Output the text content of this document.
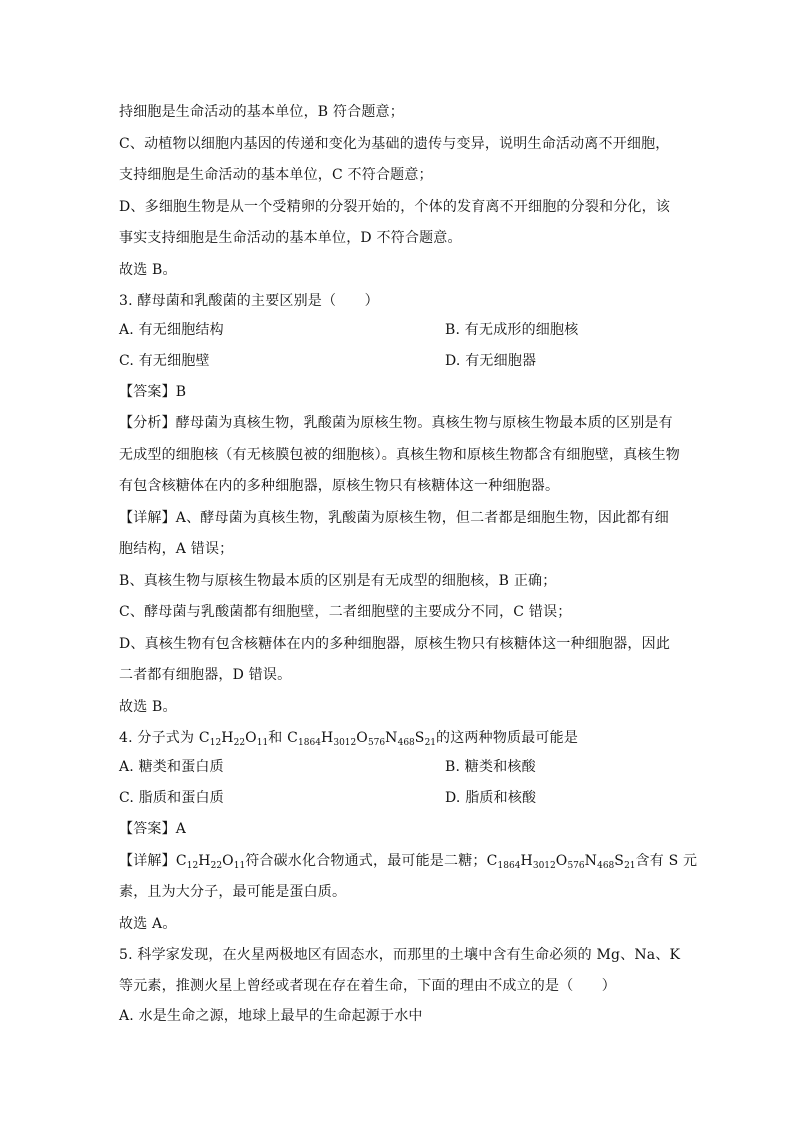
持细胞是生命活动的基本单位，B 符合题意；
C、动植物以细胞内基因的传递和变化为基础的遗传与变异，说明生命活动离不开细胞，
支持细胞是生命活动的基本单位，C 不符合题意；
D、多细胞生物是从一个受精卵的分裂开始的，个体的发育离不开细胞的分裂和分化，该
事实支持细胞是生命活动的基本单位，D 不符合题意。
故选 B。
3. 酵母菌和乳酸菌的主要区别是（　　）
A. 有无细胞结构	B. 有无成形的细胞核
C. 有无细胞壁	D. 有无细胞器
【答案】B
【分析】酵母菌为真核生物，乳酸菌为原核生物。真核生物与原核生物最本质的区别是有
无成型的细胞核（有无核膜包被的细胞核）。真核生物和原核生物都含有细胞壁，真核生物
有包含核糖体在内的多种细胞器，原核生物只有核糖体这一种细胞器。
【详解】A、酵母菌为真核生物，乳酸菌为原核生物，但二者都是细胞生物，因此都有细
胞结构，A 错误；
B、真核生物与原核生物最本质的区别是有无成型的细胞核，B 正确；
C、酵母菌与乳酸菌都有细胞壁，二者细胞壁的主要成分不同，C 错误；
D、真核生物有包含核糖体在内的多种细胞器，原核生物只有核糖体这一种细胞器，因此
二者都有细胞器，D 错误。
故选 B。
4. 分子式为 $C_{12}H_{22}O_{11}$和 $C_{1864}H_{3012}O_{576}N_{468}S_{21}$的这两种物质最可能是
A. 糖类和蛋白质	B. 糖类和核酸
C. 脂质和蛋白质	D. 脂质和核酸
【答案】A
【详解】$C_{12}H_{22}O_{11}$符合碳水化合物通式，最可能是二糖；$C_{1864}H_{3012}O_{576}N_{468}S_{21}$含有 S 元
素，且为大分子，最可能是蛋白质。
故选 A。
5. 科学家发现，在火星两极地区有固态水，而那里的土壤中含有生命必须的 Mg、Na、K
等元素，推测火星上曾经或者现在存在着生命，下面的理由不成立的是（　　）
A. 水是生命之源，地球上最早的生命起源于水中
